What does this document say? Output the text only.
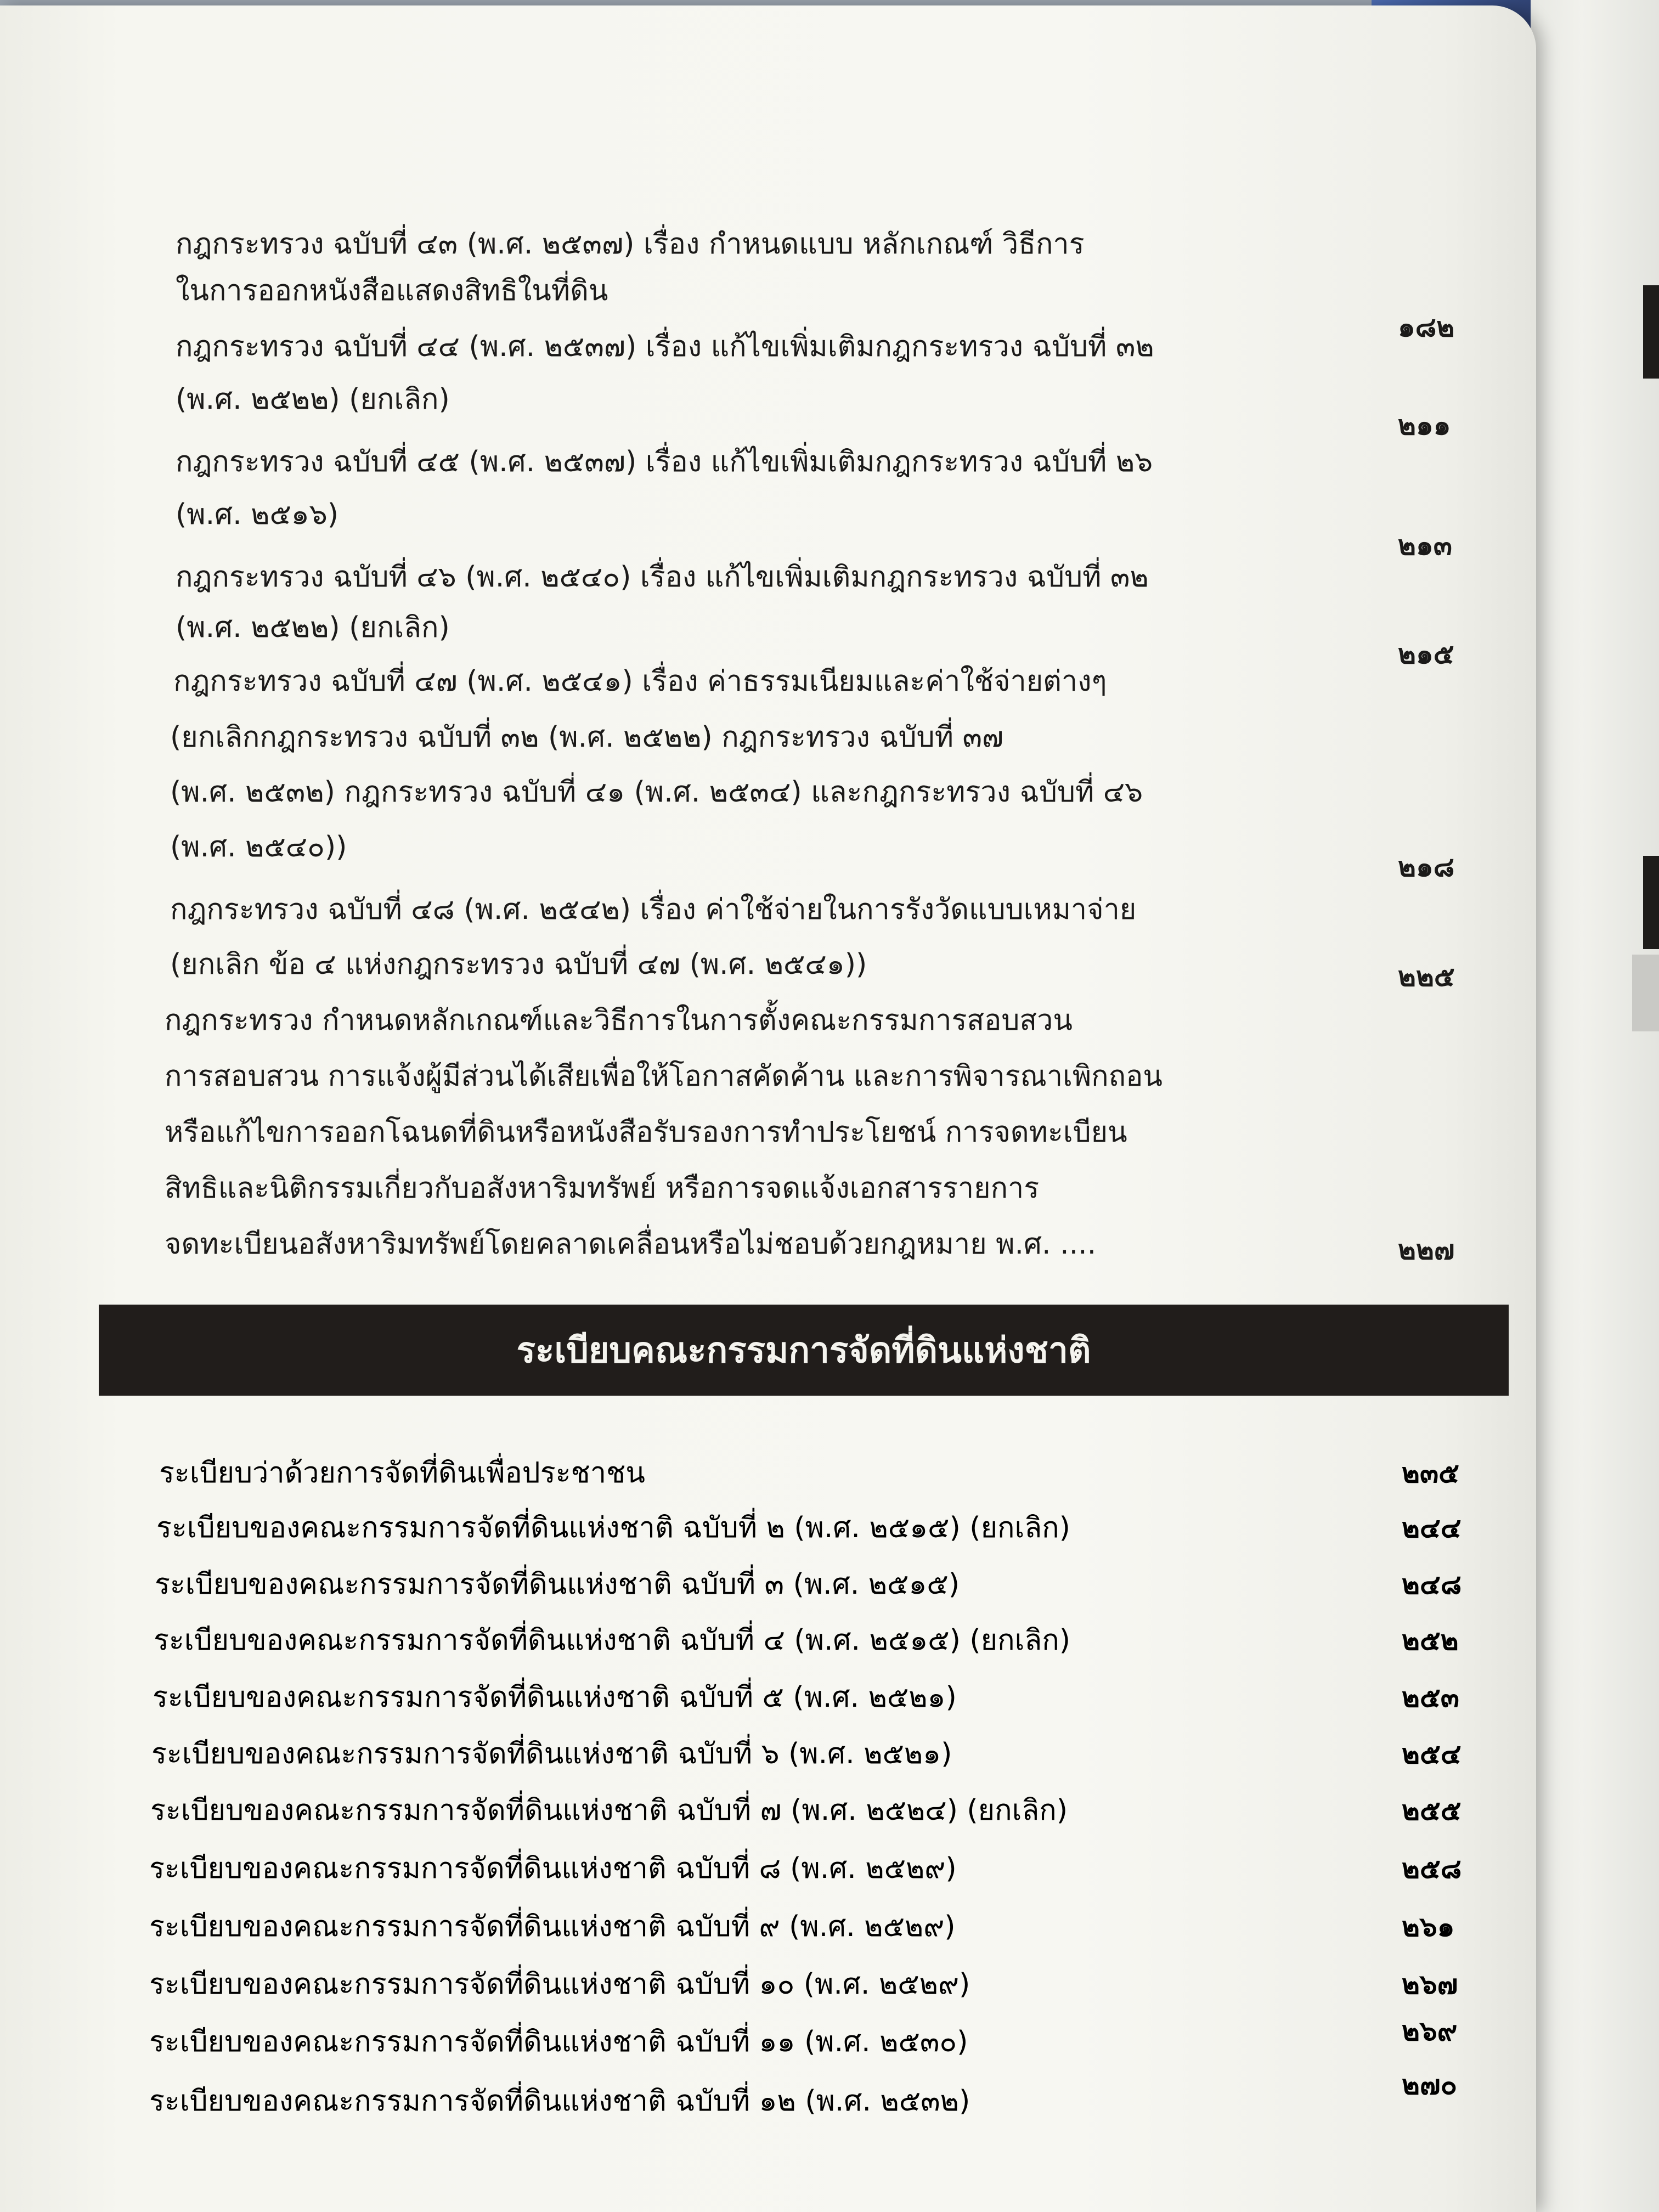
กฎกระทรวง ฉบับที่ ๔๓ (พ.ศ. ๒๕๓๗) เรื่อง กำหนดแบบ หลักเกณฑ์ วิธีการ
ในการออกหนังสือแสดงสิทธิในที่ดิน
๑๘๒
กฎกระทรวง ฉบับที่ ๔๔ (พ.ศ. ๒๕๓๗) เรื่อง แก้ไขเพิ่มเติมกฎกระทรวง ฉบับที่ ๓๒
(พ.ศ. ๒๕๒๒) (ยกเลิก)
๒๑๑
กฎกระทรวง ฉบับที่ ๔๕ (พ.ศ. ๒๕๓๗) เรื่อง แก้ไขเพิ่มเติมกฎกระทรวง ฉบับที่ ๒๖
(พ.ศ. ๒๕๑๖)
๒๑๓
กฎกระทรวง ฉบับที่ ๔๖ (พ.ศ. ๒๕๔๐) เรื่อง แก้ไขเพิ่มเติมกฎกระทรวง ฉบับที่ ๓๒
(พ.ศ. ๒๕๒๒) (ยกเลิก)
๒๑๕
กฎกระทรวง ฉบับที่ ๔๗ (พ.ศ. ๒๕๔๑) เรื่อง ค่าธรรมเนียมและค่าใช้จ่ายต่างๆ
(ยกเลิกกฎกระทรวง ฉบับที่ ๓๒ (พ.ศ. ๒๕๒๒) กฎกระทรวง ฉบับที่ ๓๗
(พ.ศ. ๒๕๓๒) กฎกระทรวง ฉบับที่ ๔๑ (พ.ศ. ๒๕๓๔) และกฎกระทรวง ฉบับที่ ๔๖
(พ.ศ. ๒๕๔๐))
๒๑๘
กฎกระทรวง ฉบับที่ ๔๘ (พ.ศ. ๒๕๔๒) เรื่อง ค่าใช้จ่ายในการรังวัดแบบเหมาจ่าย
(ยกเลิก ข้อ ๔ แห่งกฎกระทรวง ฉบับที่ ๔๗ (พ.ศ. ๒๕๔๑))	๒๒๕
กฎกระทรวง กำหนดหลักเกณฑ์และวิธีการในการตั้งคณะกรรมการสอบสวน
การสอบสวน การแจ้งผู้มีส่วนได้เสียเพื่อให้โอกาสคัดค้าน และการพิจารณาเพิกถอน
หรือแก้ไขการออกโฉนดที่ดินหรือหนังสือรับรองการทำประโยชน์ การจดทะเบียน
สิทธิและนิติกรรมเกี่ยวกับอสังหาริมทรัพย์ หรือการจดแจ้งเอกสารรายการ
จดทะเบียนอสังหาริมทรัพย์โดยคลาดเคลื่อนหรือไม่ชอบด้วยกฎหมาย พ.ศ. ....	๒๒๗
ระเบียบคณะกรรมการจัดที่ดินแห่งชาติ
ระเบียบว่าด้วยการจัดที่ดินเพื่อประชาชน	๒๓๕
ระเบียบของคณะกรรมการจัดที่ดินแห่งชาติ ฉบับที่ ๒ (พ.ศ. ๒๕๑๕) (ยกเลิก)	๒๔๔
ระเบียบของคณะกรรมการจัดที่ดินแห่งชาติ ฉบับที่ ๓ (พ.ศ. ๒๕๑๕)	๒๔๘
ระเบียบของคณะกรรมการจัดที่ดินแห่งชาติ ฉบับที่ ๔ (พ.ศ. ๒๕๑๕) (ยกเลิก)	๒๕๒
ระเบียบของคณะกรรมการจัดที่ดินแห่งชาติ ฉบับที่ ๕ (พ.ศ. ๒๕๒๑)	๒๕๓
ระเบียบของคณะกรรมการจัดที่ดินแห่งชาติ ฉบับที่ ๖ (พ.ศ. ๒๕๒๑)	๒๕๔
ระเบียบของคณะกรรมการจัดที่ดินแห่งชาติ ฉบับที่ ๗ (พ.ศ. ๒๕๒๔) (ยกเลิก)	๒๕๕
ระเบียบของคณะกรรมการจัดที่ดินแห่งชาติ ฉบับที่ ๘ (พ.ศ. ๒๕๒๙)	๒๕๘
ระเบียบของคณะกรรมการจัดที่ดินแห่งชาติ ฉบับที่ ๙ (พ.ศ. ๒๕๒๙)	๒๖๑
ระเบียบของคณะกรรมการจัดที่ดินแห่งชาติ ฉบับที่ ๑๐ (พ.ศ. ๒๕๒๙)	๒๖๗
ระเบียบของคณะกรรมการจัดที่ดินแห่งชาติ ฉบับที่ ๑๑ (พ.ศ. ๒๕๓๐)	๒๖๙
ระเบียบของคณะกรรมการจัดที่ดินแห่งชาติ ฉบับที่ ๑๒ (พ.ศ. ๒๕๓๒)	๒๗๐
